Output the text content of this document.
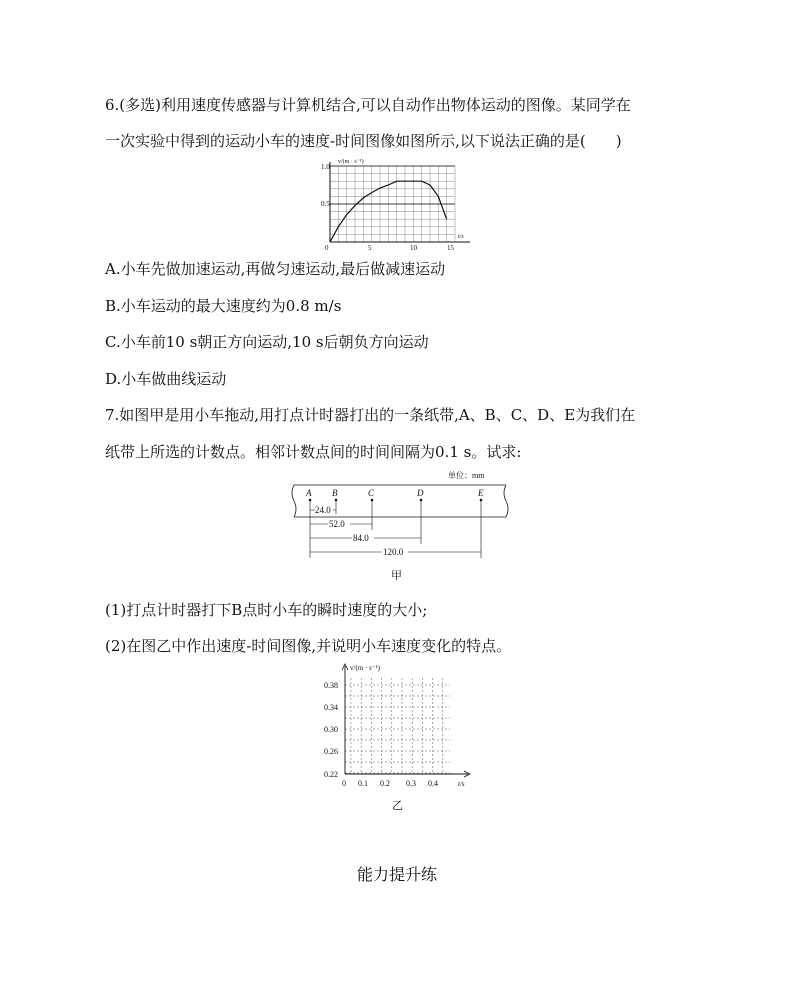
6.(多选)利用速度传感器与计算机结合,可以自动作出物体运动的图像。某同学在
一次实验中得到的运动小车的速度-时间图像如图所示,以下说法正确的是(　　)
v/(m · s⁻¹)
t/s
1.0
0.5
0	5	10	15
A.小车先做加速运动,再做匀速运动,最后做减速运动
B.小车运动的最大速度约为0.8 m/s
C.小车前10 s朝正方向运动,10 s后朝负方向运动
D.小车做曲线运动
7.如图甲是用小车拖动,用打点计时器打出的一条纸带,A、B、C、D、E为我们在
纸带上所选的计数点。相邻计数点间的时间间隔为0.1 s。试求:
单位：mm
A B	C	D	E
24.0
52.0
84.0
120.0
甲
(1)打点计时器打下B点时小车的瞬时速度的大小;
(2)在图乙中作出速度-时间图像,并说明小车速度变化的特点。
v/(m · s⁻¹)
t/s
0.38
0.34
0.30
0.26
0.22
0 0.1 0.2 0.3 0.4
乙
能力提升练
